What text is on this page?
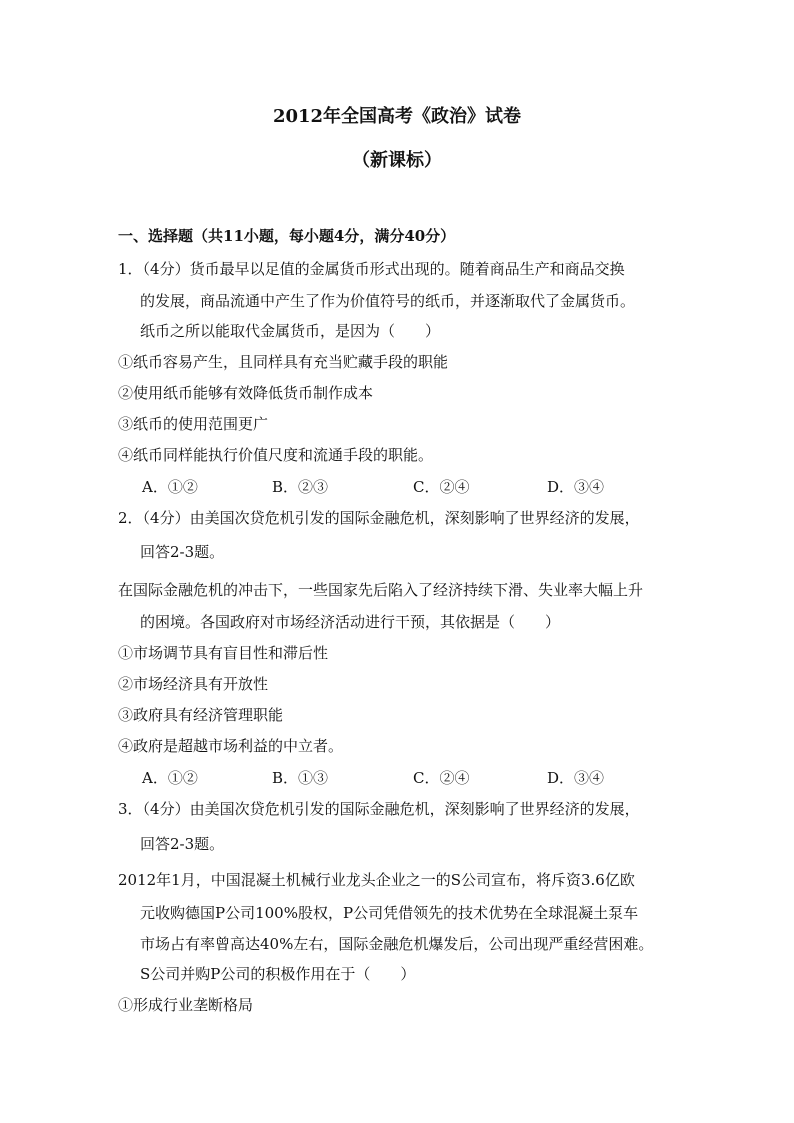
2012年全国高考《政治》试卷
（新课标）
一、选择题（共11小题，每小题4分，满分40分）
1．（4分）货币最早以足值的金属货币形式出现的。随着商品生产和商品交换
的发展，商品流通中产生了作为价值符号的纸币，并逐渐取代了金属货币。
纸币之所以能取代金属货币，是因为（　　）
①纸币容易产生，且同样具有充当贮藏手段的职能
②使用纸币能够有效降低货币制作成本
③纸币的使用范围更广
④纸币同样能执行价值尺度和流通手段的职能。
A．①②	B．②③	C．②④	D．③④
2．（4分）由美国次贷危机引发的国际金融危机，深刻影响了世界经济的发展，
回答2-3题。
在国际金融危机的冲击下，一些国家先后陷入了经济持续下滑、失业率大幅上升
的困境。各国政府对市场经济活动进行干预，其依据是（　　）
①市场调节具有盲目性和滞后性
②市场经济具有开放性
③政府具有经济管理职能
④政府是超越市场利益的中立者。
A．①②	B．①③	C．②④	D．③④
3．（4分）由美国次贷危机引发的国际金融危机，深刻影响了世界经济的发展，
回答2-3题。
2012年1月，中国混凝土机械行业龙头企业之一的S公司宣布，将斥资3.6亿欧
元收购德国P公司100%股权，P公司凭借领先的技术优势在全球混凝土泵车
市场占有率曾高达40%左右，国际金融危机爆发后，公司出现严重经营困难。
S公司并购P公司的积极作用在于（　　）
①形成行业垄断格局
